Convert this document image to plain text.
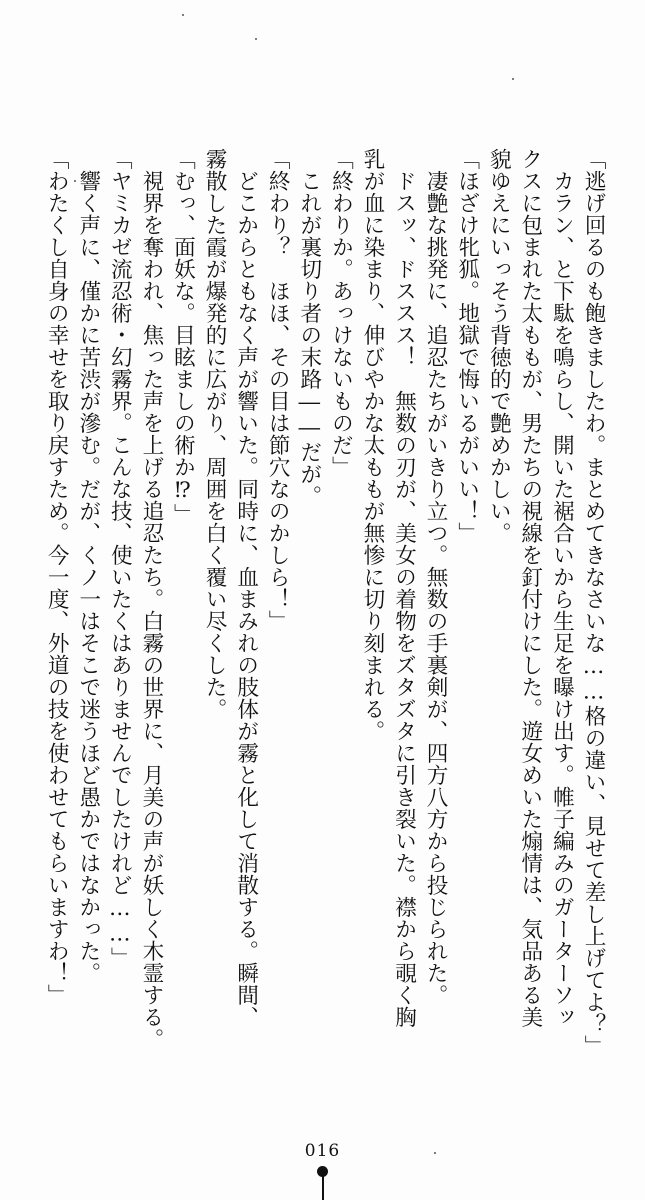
「逃げ回るのも飽きましたわ。まとめてきなさいな……格の違い、見せて差し上げてよ？」
　カラン、と下駄を鳴らし、開いた裾合いから生足を曝け出す。帷子編みのガーターソッ
クスに包まれた太ももが、男たちの視線を釘付けにした。遊女めいた煽情は、気品ある美
貌ゆえにいっそう背徳的で艶めかしい。
「ほざけ牝狐。地獄で悔いるがいい！」
　凄艶な挑発に、追忍たちがいきり立つ。無数の手裏剣が、四方八方から投じられた。
　ドスッ、ドススス！　無数の刃が、美女の着物をズタズタに引き裂いた。襟から覗く胸
乳が血に染まり、伸びやかな太ももが無惨に切り刻まれる。
「終わりか。あっけないものだ」
　これが裏切り者の末路――だが。
「終わり？　ほほ、その目は節穴なのかしら！」
　どこからともなく声が響いた。同時に、血まみれの肢体が霧と化して消散する。瞬間、
霧散した霞が爆発的に広がり、周囲を白く覆い尽くした。
「むっ、面妖な。目眩ましの術か⁉」
　視界を奪われ、焦った声を上げる追忍たち。白霧の世界に、月美の声が妖しく木霊する。
「ヤミカゼ流忍術・幻霧界。こんな技、使いたくはありませんでしたけれど……」
　響く声に、僅かに苦渋が滲む。だが、くノ一はそこで迷うほど愚かではなかった。
「わたくし自身の幸せを取り戻すため。今一度、外道の技を使わせてもらいますわ！」
016
